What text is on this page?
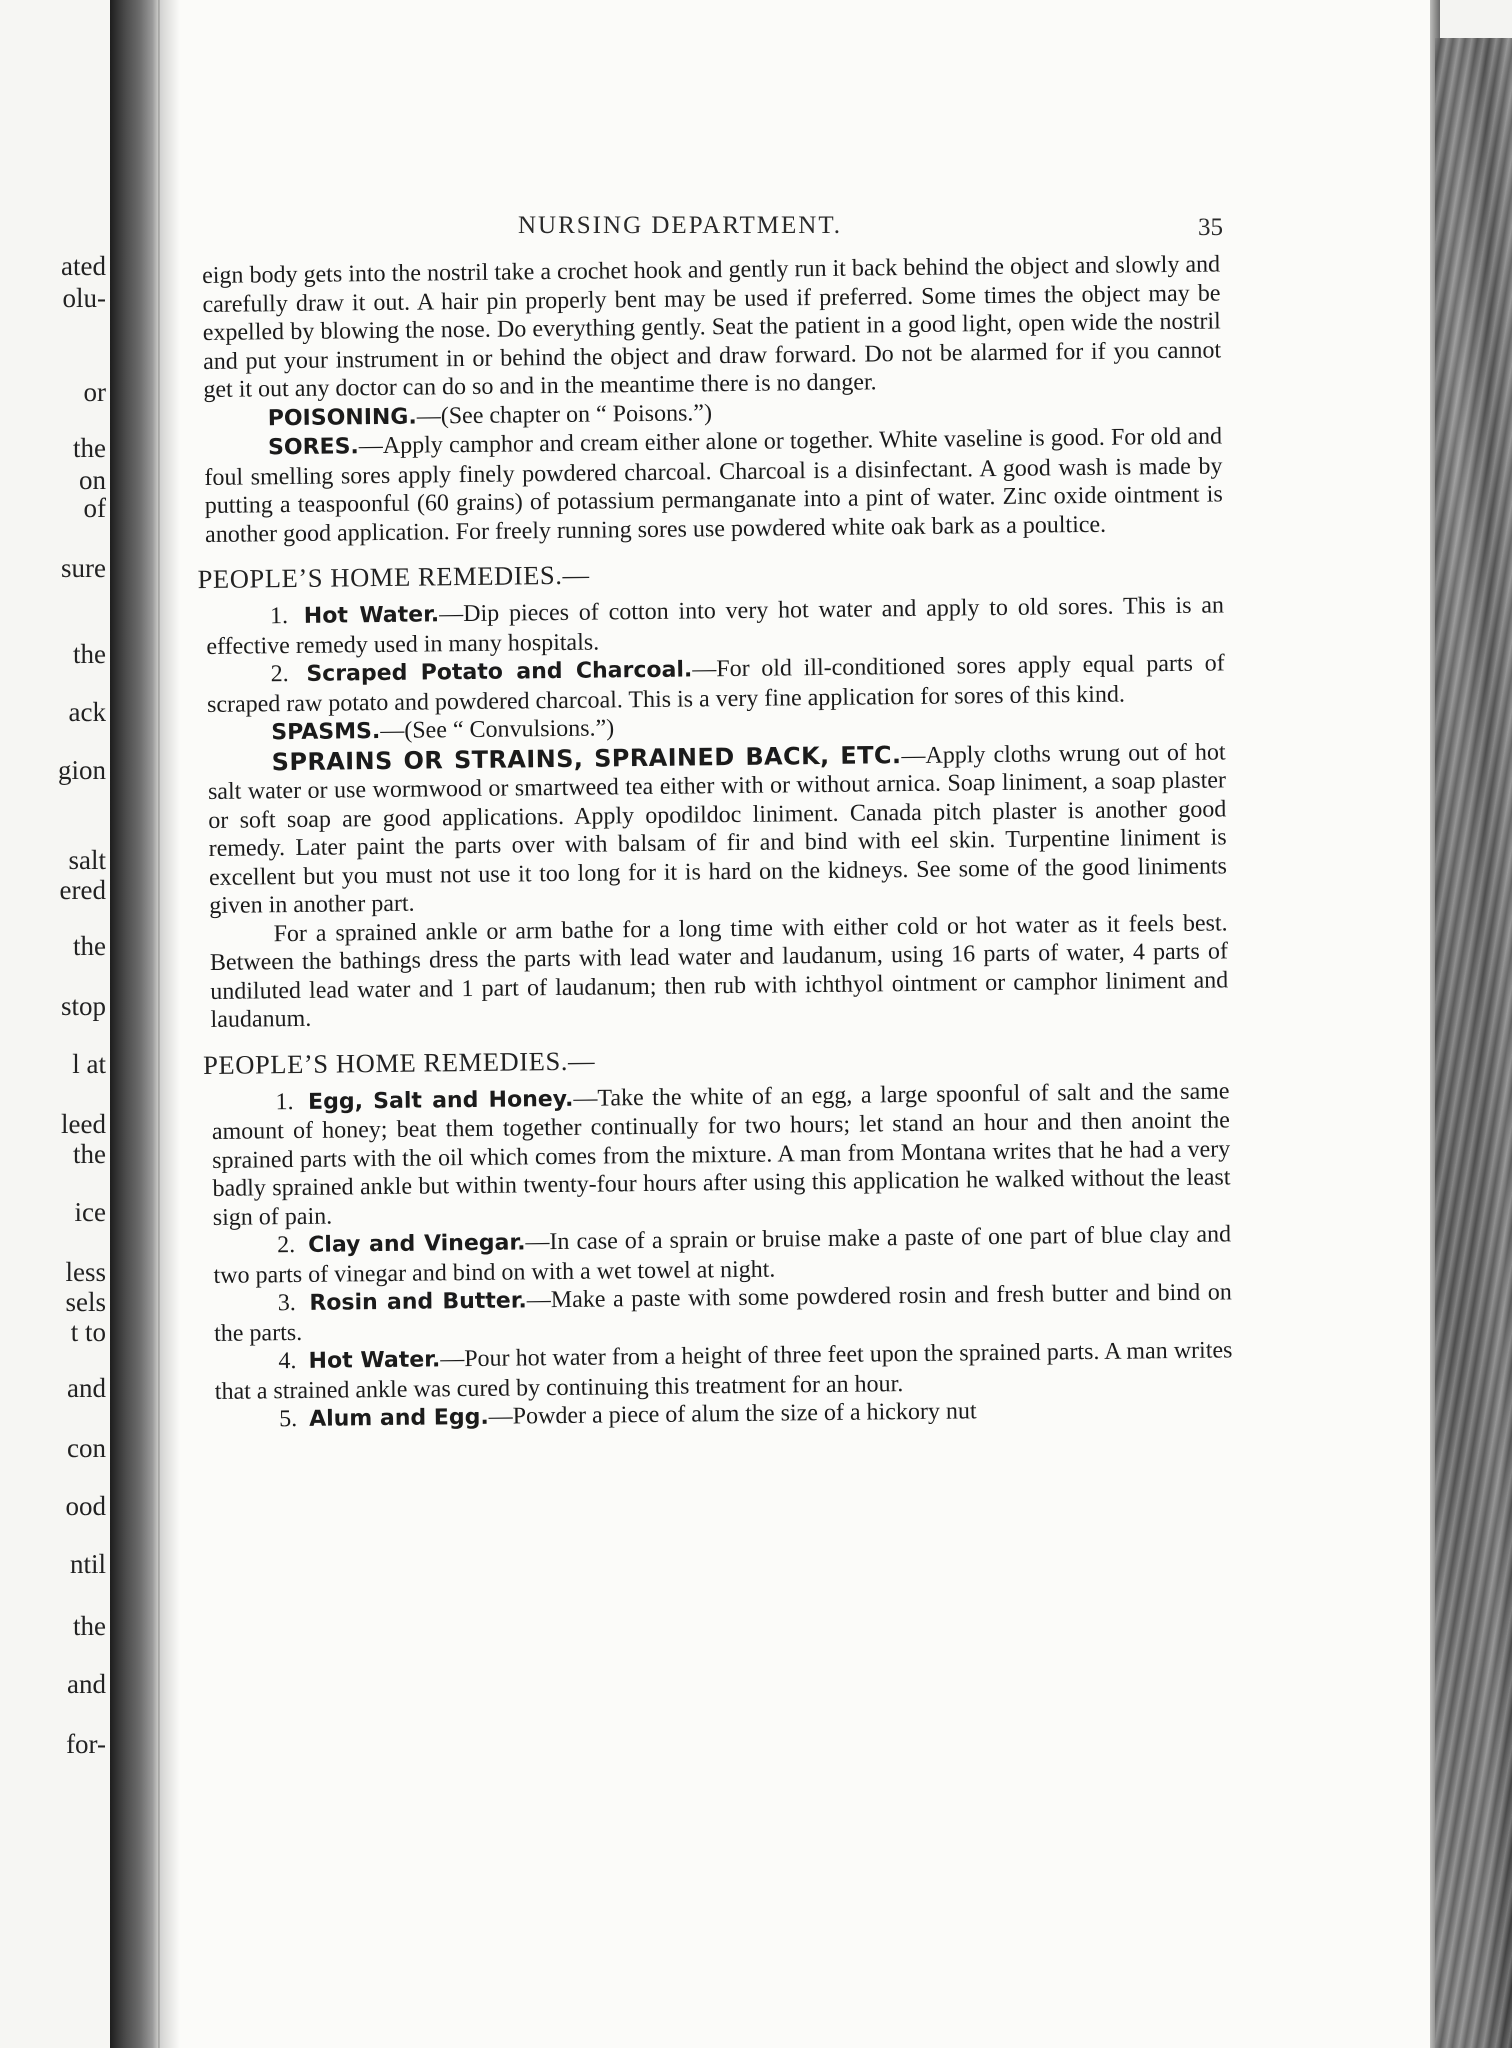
ated
olu-
or
the
on
of
sure
the
ack
gion
salt
ered
the
stop
l at
leed
the
ice
less
sels
t to
and
con
ood
ntil
the
and
for-
NURSING DEPARTMENT.	35

eign body gets into the nostril take a crochet hook and gently run it back behind the object and slowly and carefully draw it out. A hair pin properly bent may be used if preferred. Some times the object may be expelled by blowing the nose. Do everything gently. Seat the patient in a good light, open wide the nostril and put your instrument in or behind the object and draw forward. Do not be alarmed for if you cannot get it out any doctor can do so and in the meantime there is no danger.

POISONING.—(See chapter on “ Poisons.”)

SORES.—Apply camphor and cream either alone or together. White vaseline is good. For old and foul smelling sores apply finely powdered charcoal. Charcoal is a disinfectant. A good wash is made by putting a teaspoonful (60 grains) of potassium permanganate into a pint of water. Zinc oxide ointment is another good application. For freely running sores use powdered white oak bark as a poultice.

PEOPLE’S HOME REMEDIES.—

1. Hot Water.—Dip pieces of cotton into very hot water and apply to old sores. This is an effective remedy used in many hospitals.

2. Scraped Potato and Charcoal.—For old ill-conditioned sores apply equal parts of scraped raw potato and powdered charcoal. This is a very fine application for sores of this kind.

SPASMS.—(See “ Convulsions.”)

SPRAINS OR STRAINS, SPRAINED BACK, ETC.—Apply cloths wrung out of hot salt water or use wormwood or smartweed tea either with or without arnica. Soap liniment, a soap plaster or soft soap are good applications. Apply opodildoc liniment. Canada pitch plaster is another good remedy. Later paint the parts over with balsam of fir and bind with eel skin. Turpentine liniment is excellent but you must not use it too long for it is hard on the kidneys. See some of the good liniments given in another part.

For a sprained ankle or arm bathe for a long time with either cold or hot water as it feels best. Between the bathings dress the parts with lead water and laudanum, using 16 parts of water, 4 parts of undiluted lead water and 1 part of laudanum; then rub with ichthyol ointment or camphor liniment and laudanum.

PEOPLE’S HOME REMEDIES.—

1. Egg, Salt and Honey.—Take the white of an egg, a large spoonful of salt and the same amount of honey; beat them together continually for two hours; let stand an hour and then anoint the sprained parts with the oil which comes from the mixture. A man from Montana writes that he had a very badly sprained ankle but within twenty-four hours after using this application he walked without the least sign of pain.

2. Clay and Vinegar.—In case of a sprain or bruise make a paste of one part of blue clay and two parts of vinegar and bind on with a wet towel at night.

3. Rosin and Butter.—Make a paste with some powdered rosin and fresh butter and bind on the parts.

4. Hot Water.—Pour hot water from a height of three feet upon the sprained parts. A man writes that a strained ankle was cured by continuing this treatment for an hour.

5. Alum and Egg.—Powder a piece of alum the size of a hickory nut
